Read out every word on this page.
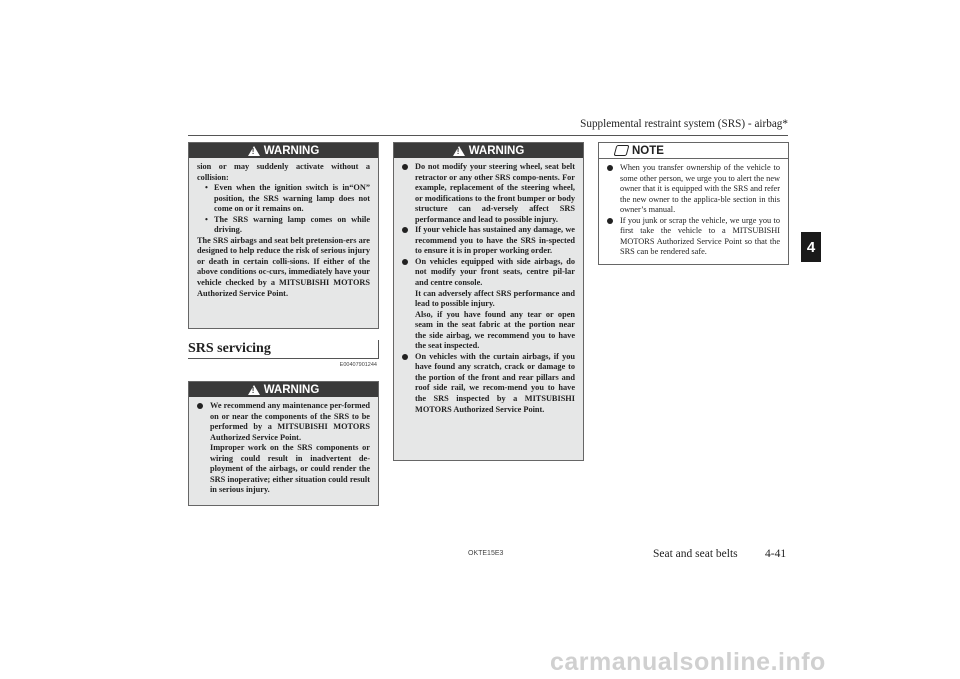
Supplemental restraint system (SRS) - airbag*
4
!
WARNING

sion or may suddenly activate without a collision:

• Even when the ignition switch is in“ON” position, the SRS warning lamp does not come on or it remains on.
• The SRS warning lamp comes on while driving.

The SRS airbags and seat belt pretension-ers are designed to help reduce the risk of serious injury or death in certain colli-sions. If either of the above conditions oc-curs, immediately have your vehicle checked by a MITSUBISHI MOTORS Authorized Service Point.

SRS servicing
E00407901244
!
WARNING
We recommend any maintenance per-formed on or near the components of the SRS to be performed by a MITSUBISHI MOTORS Authorized Service Point.
Improper work on the SRS components or wiring could result in inadvertent de-ployment of the airbags, or could render the SRS inoperative; either situation could result in serious injury.
!
WARNING
Do not modify your steering wheel, seat belt retractor or any other SRS compo-nents. For example, replacement of the steering wheel, or modifications to the front bumper or body structure can ad-versely affect SRS performance and lead to possible injury.
If your vehicle has sustained any damage, we recommend you to have the SRS in-spected to ensure it is in proper working order.
On vehicles equipped with side airbags, do not modify your front seats, centre pil-lar and centre console.
It can adversely affect SRS performance and lead to possible injury.
Also, if you have found any tear or open seam in the seat fabric at the portion near the side airbag, we recommend you to have the seat inspected.
On vehicles with the curtain airbags, if you have found any scratch, crack or damage to the portion of the front and rear pillars and roof side rail, we recom-mend you to have the SRS inspected by a MITSUBISHI MOTORS Authorized Service Point.
NOTE
When you transfer ownership of the vehicle to some other person, we urge you to alert the new owner that it is equipped with the SRS and refer the new owner to the applica-ble section in this owner’s manual.
If you junk or scrap the vehicle, we urge you to first take the vehicle to a MITSUBISHI MOTORS Authorized Service Point so that the SRS can be rendered safe.
OKTE15E3	Seat and seat belts 4-41
carmanualsonline.info
